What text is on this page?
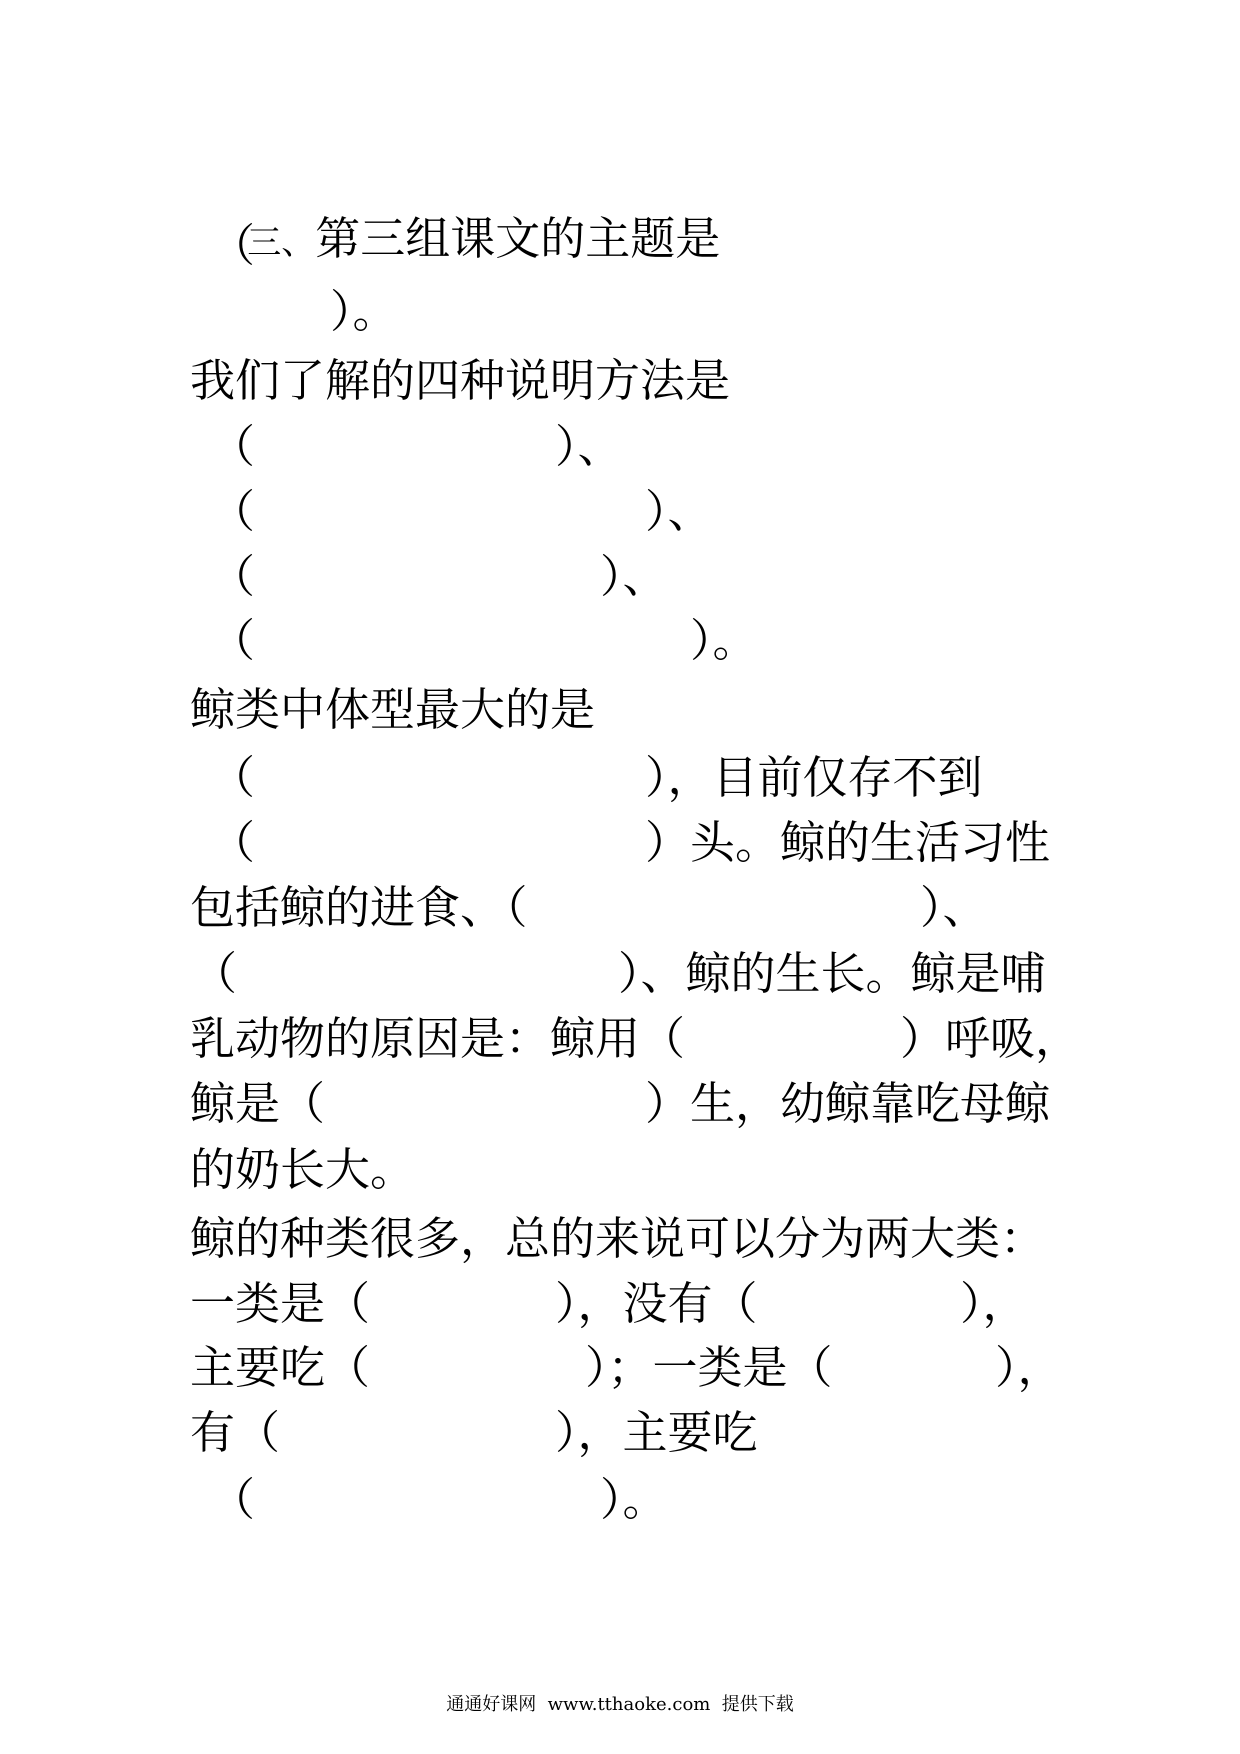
三、第三组课文的主题是

（
）。
我们了解的四种说明方法是
（	）、
（	）、
（	）、
（	）。
鲸类中体型最大的是
（	），目前仅存不到
（	）头。鲸的生活习性
包括鲸的进食、（	）、
（	）、鲸的生长。鲸是哺
乳动物的原因是：鲸用（	）呼吸，
鲸是（	）生，幼鲸靠吃母鲸
的奶长大。
鲸的种类很多，总的来说可以分为两大类：
一类是（	），没有（	），
主要吃（	）；一类是（	），
有（	），主要吃
（	）。
通通好课网  www.tthaoke.com  提供下载
